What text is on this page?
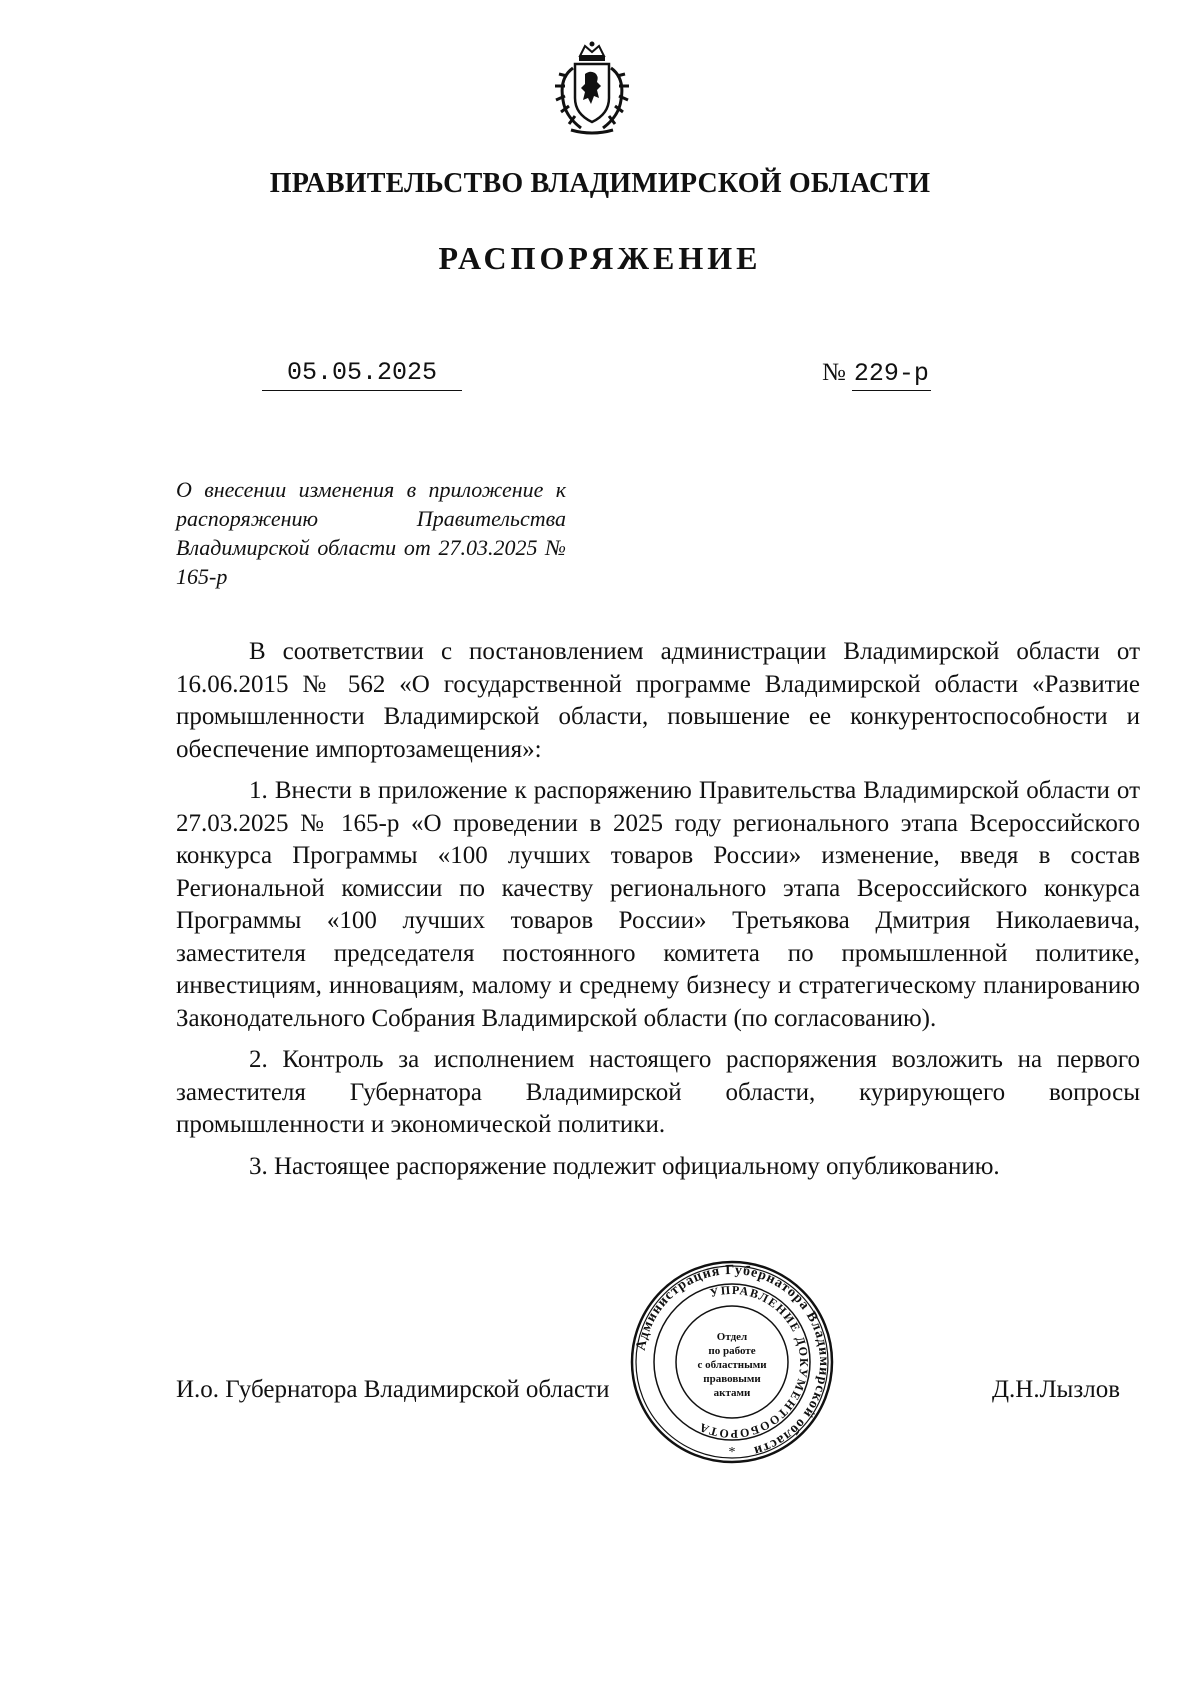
ПРАВИТЕЛЬСТВО ВЛАДИМИРСКОЙ ОБЛАСТИ
РАСПОРЯЖЕНИЕ
05.05.2025	№ 229-р
О внесении изменения в приложение к распоряжению Правительства Владимирской области от 27.03.2025 № 165-р

В соответствии с постановлением администрации Владимирской области от 16.06.2015 № 562 «О государственной программе Владимирской области «Развитие промышленности Владимирской области, повышение ее конкурентоспособности и обеспечение импортозамещения»:

1. Внести в приложение к распоряжению Правительства Владимирской области от 27.03.2025 № 165-р «О проведении в 2025 году регионального этапа Всероссийского конкурса Программы «100 лучших товаров России» изменение, введя в состав Региональной комиссии по качеству регионального этапа Всероссийского конкурса Программы «100 лучших товаров России» Третьякова Дмитрия Николаевича, заместителя председателя постоянного комитета по промышленной политике, инвестициям, инновациям, малому и среднему бизнесу и стратегическому планированию Законодательного Собрания Владимирской области (по согласованию).

2. Контроль за исполнением настоящего распоряжения возложить на первого заместителя Губернатора Владимирской области, курирующего вопросы промышленности и экономической политики.

3. Настоящее распоряжение подлежит официальному опубликованию.

И.о. Губернатора Владимирской области	Д.Н.Лызлов
Администрация Губернатора Владимирской области
УПРАВЛЕНИЕ ДОКУМЕНТООБОРОТА
*
Отдел
по работе
с областными
правовыми
актами
